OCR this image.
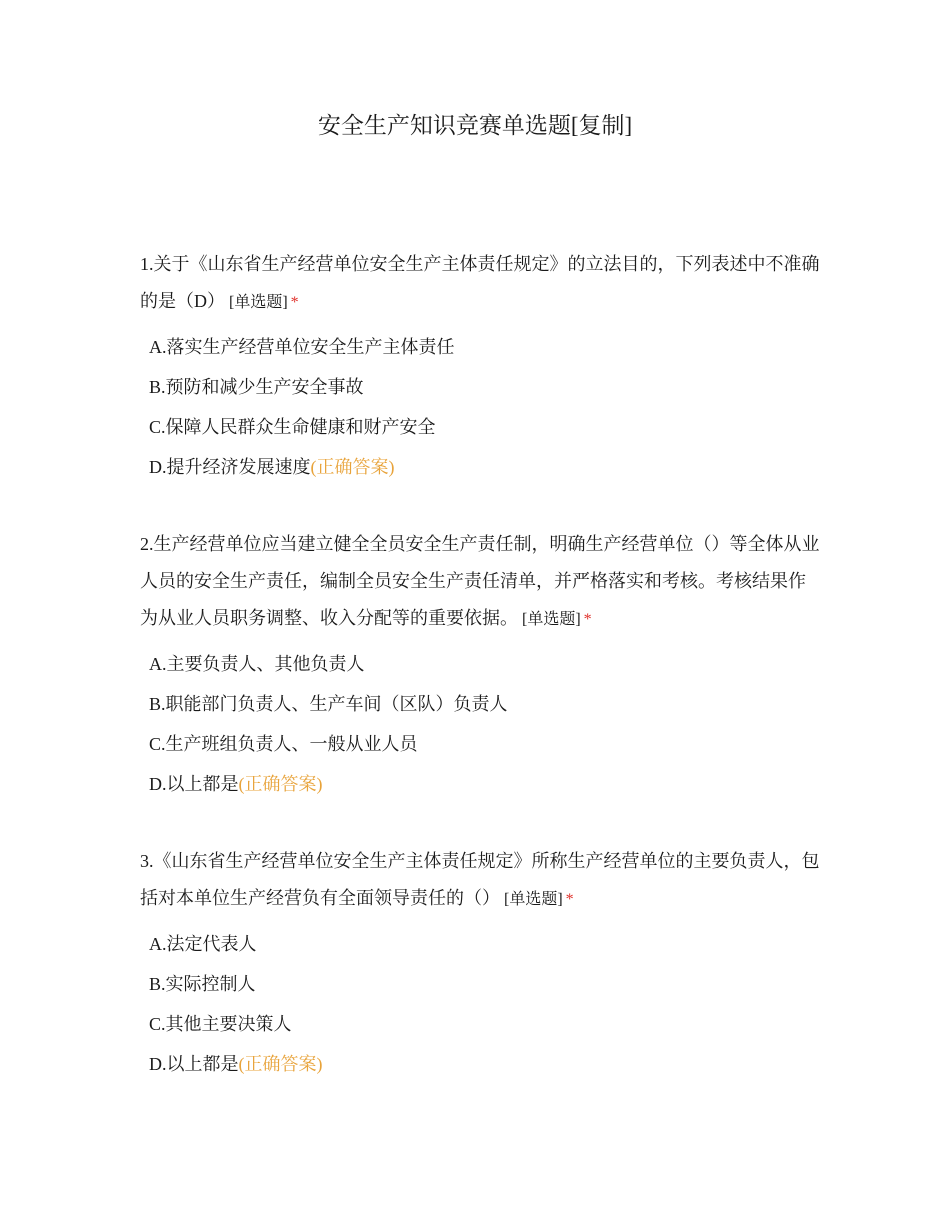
安全生产知识竞赛单选题[复制]

1.关于《山东省生产经营单位安全生产主体责任规定》的立法目的，下列表述中不准确的是（D） [单选题] *

A.落实生产经营单位安全生产主体责任
B.预防和减少生产安全事故
C.保障人民群众生命健康和财产安全
D.提升经济发展速度(正确答案)

2.生产经营单位应当建立健全全员安全生产责任制，明确生产经营单位（）等全体从业人员的安全生产责任，编制全员安全生产责任清单，并严格落实和考核。考核结果作为从业人员职务调整、收入分配等的重要依据。 [单选题] *

A.主要负责人、其他负责人
B.职能部门负责人、生产车间（区队）负责人
C.生产班组负责人、一般从业人员
D.以上都是(正确答案)

3.《山东省生产经营单位安全生产主体责任规定》所称生产经营单位的主要负责人，包括对本单位生产经营负有全面领导责任的（） [单选题] *

A.法定代表人
B.实际控制人
C.其他主要决策人
D.以上都是(正确答案)
